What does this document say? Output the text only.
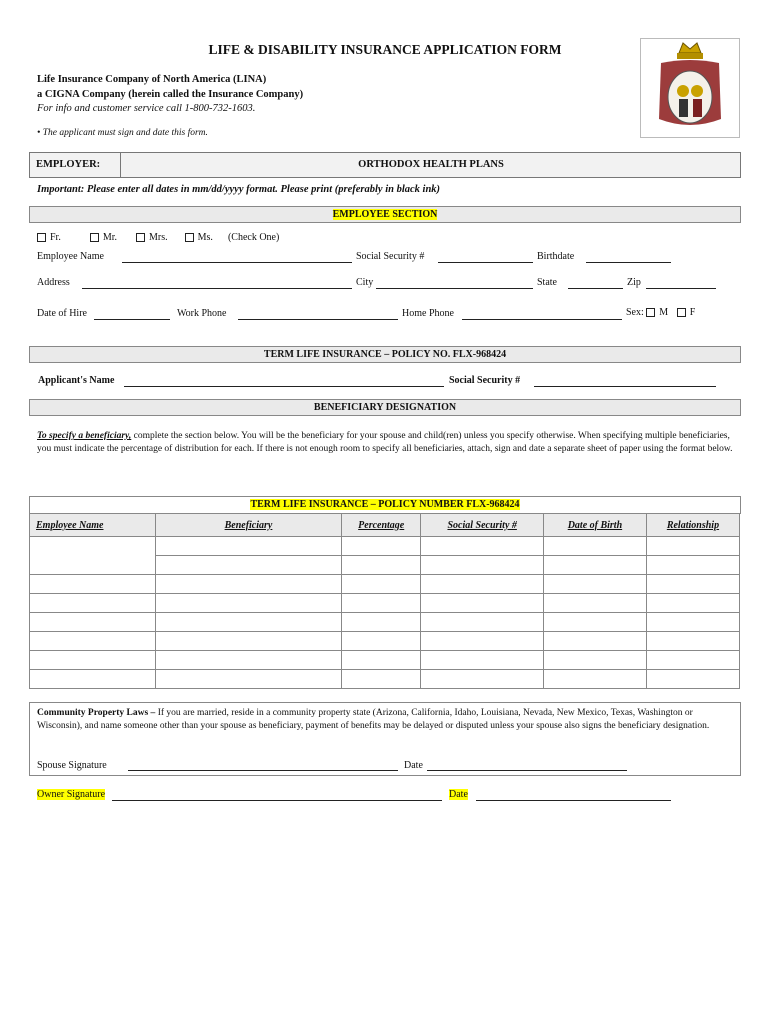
LIFE & DISABILITY INSURANCE APPLICATION FORM
Life Insurance Company of North America (LINA)
a CIGNA Company (herein called the Insurance Company)
For info and customer service call 1-800-732-1603.
• The applicant must sign and date this form.
EMPLOYER:	ORTHODOX HEALTH PLANS
Important: Please enter all dates in mm/dd/yyyy format. Please print (preferably in black ink)
EMPLOYEE SECTION
Fr.	Mr.	Mrs.	Ms. (Check One)
Employee Name	Social Security #	Birthdate
Address	City	State	Zip
Date of Hire	Work Phone	Home Phone	Sex: M F
TERM LIFE INSURANCE – POLICY NO. FLX-968424
Applicant's Name	Social Security #
BENEFICIARY DESIGNATION
To specify a beneficiary, complete the section below. You will be the beneficiary for your spouse and child(ren) unless you specify otherwise. When specifying multiple beneficiaries, you must indicate the percentage of distribution for each. If there is not enough room to specify all beneficiaries, attach, sign and date a separate sheet of paper using the format below.
TERM LIFE INSURANCE – POLICY NUMBER FLX-968424
Employee Name	Beneficiary	Percentage	Social Security #	Date of Birth	Relationship

Community Property Laws – If you are married, reside in a community property state (Arizona, California, Idaho, Louisiana, Nevada, New Mexico, Texas, Washington or Wisconsin), and name someone other than your spouse as beneficiary, payment of benefits may be delayed or disputed unless your spouse also signs the beneficiary designation.
Spouse Signature	Date
Owner Signature	Date
